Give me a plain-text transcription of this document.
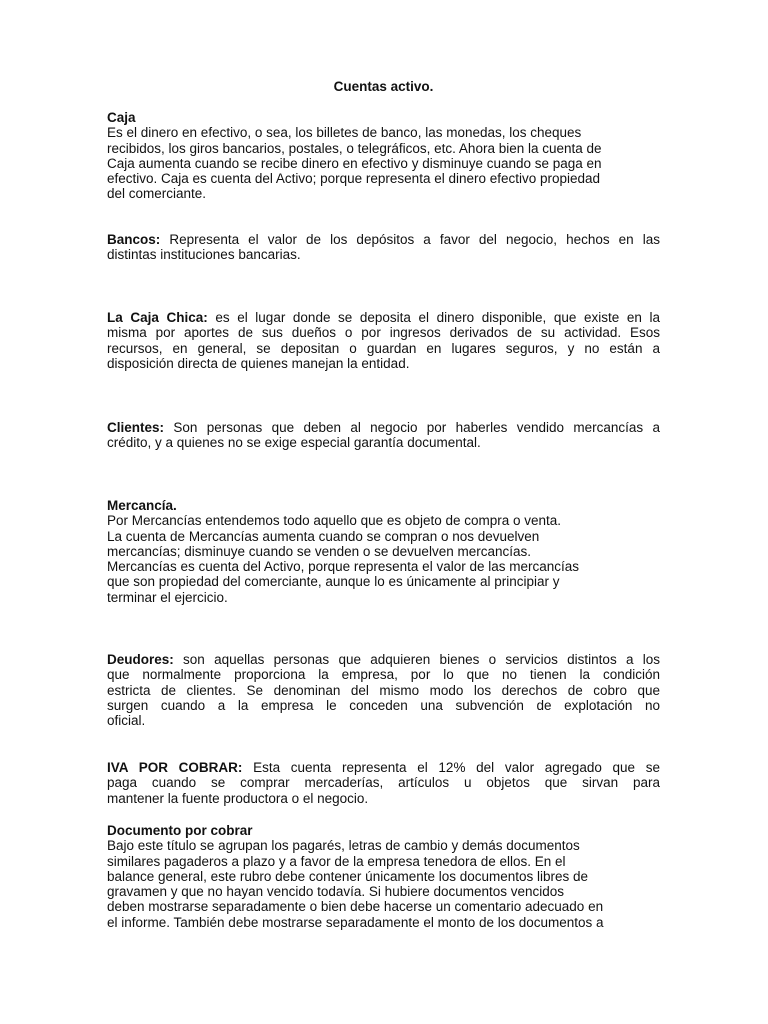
Cuentas activo.
Caja
Es el dinero en efectivo, o sea, los billetes de banco, las monedas, los cheques
recibidos, los giros bancarios, postales, o telegráficos, etc. Ahora bien la cuenta de
Caja aumenta cuando se recibe dinero en efectivo y disminuye cuando se paga en
efectivo. Caja es cuenta del Activo; porque representa el dinero efectivo propiedad
del comerciante.
Bancos: Representa el valor de los depósitos a favor del negocio, hechos en las
distintas instituciones bancarias.
La Caja Chica: es el lugar donde se deposita el dinero disponible, que existe en la
misma por aportes de sus dueños o por ingresos derivados de su actividad. Esos
recursos, en general, se depositan o guardan en lugares seguros, y no están a
disposición directa de quienes manejan la entidad.
Clientes: Son personas que deben al negocio por haberles vendido mercancías a
crédito, y a quienes no se exige especial garantía documental.
Mercancía.
Por Mercancías entendemos todo aquello que es objeto de compra o venta.
La cuenta de Mercancías aumenta cuando se compran o nos devuelven
mercancías; disminuye cuando se venden o se devuelven mercancías.
Mercancías es cuenta del Activo, porque representa el valor de las mercancías
que son propiedad del comerciante, aunque lo es únicamente al principiar y
terminar el ejercicio.
Deudores: son aquellas personas que adquieren bienes o servicios distintos a los
que normalmente proporciona la empresa, por lo que no tienen la condición
estricta de clientes. Se denominan del mismo modo los derechos de cobro que
surgen cuando a la empresa le conceden una subvención de explotación no
oficial.
IVA POR COBRAR: Esta cuenta representa el 12% del valor agregado que se
paga cuando se comprar mercaderías, artículos u objetos que sirvan para
mantener la fuente productora o el negocio.
Documento por cobrar
Bajo este título se agrupan los pagarés, letras de cambio y demás documentos
similares pagaderos a plazo y a favor de la empresa tenedora de ellos. En el
balance general, este rubro debe contener únicamente los documentos libres de
gravamen y que no hayan vencido todavía. Si hubiere documentos vencidos
deben mostrarse separadamente o bien debe hacerse un comentario adecuado en
el informe. También debe mostrarse separadamente el monto de los documentos a
